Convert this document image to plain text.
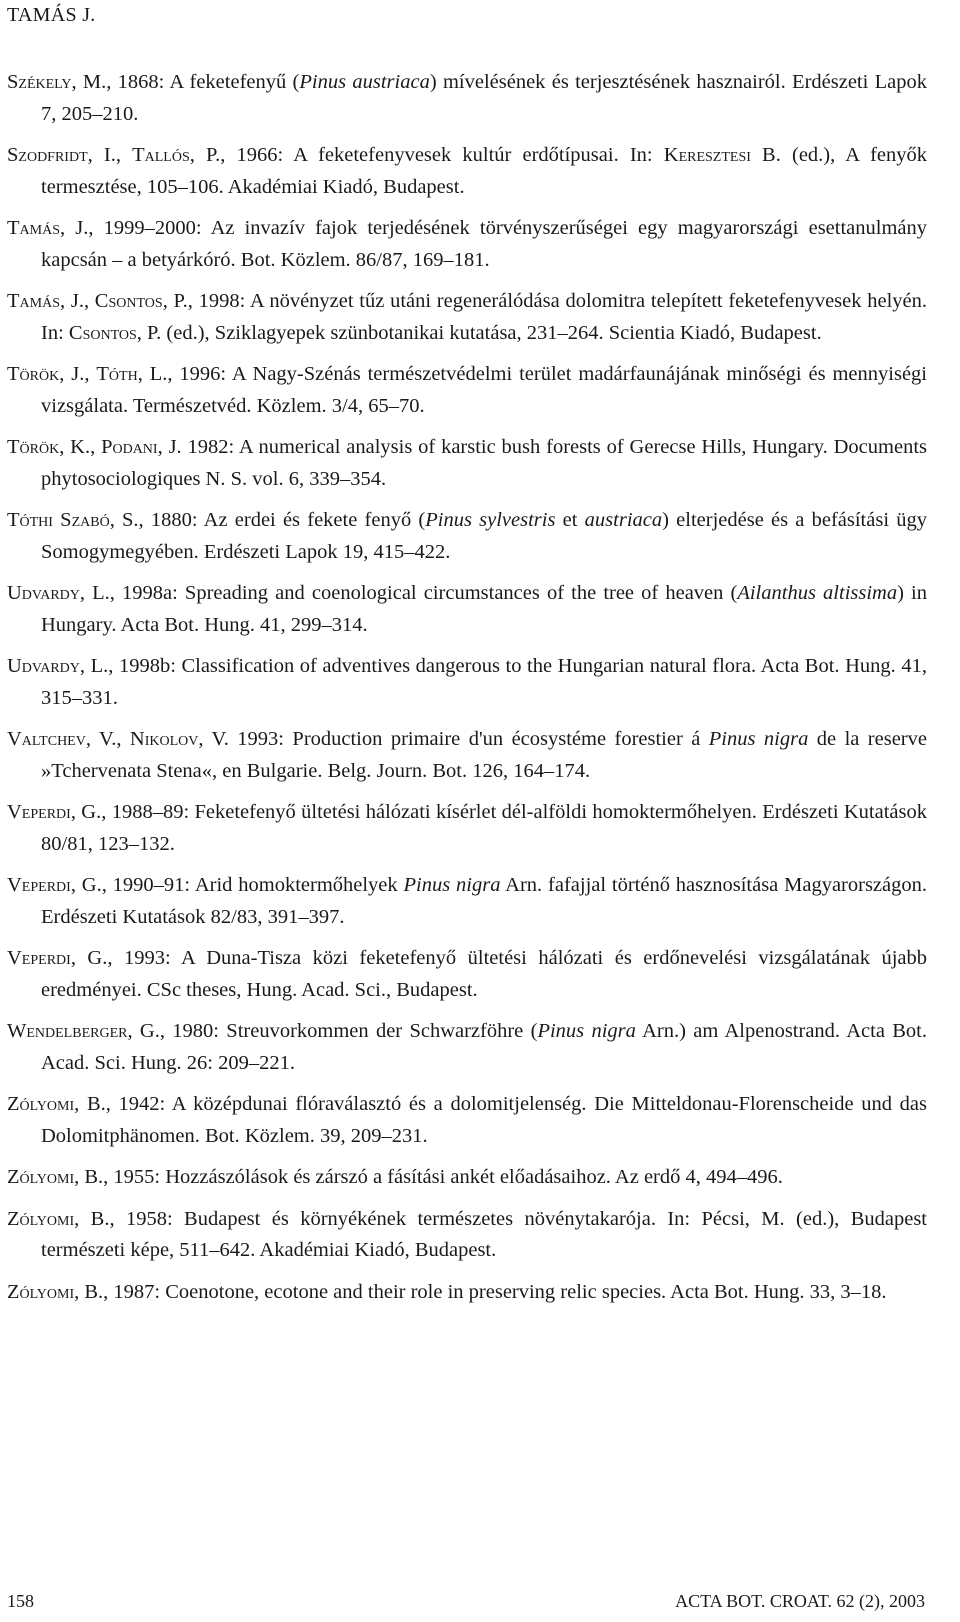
TAMÁS J.
Székely, M., 1868: A feketefenyű (Pinus austriaca) mívelésének és terjesztésének hasznairól. Erdészeti Lapok 7, 205–210.
Szodfridt, I., Tallós, P., 1966: A feketefenyvesek kultúr erdőtípusai. In: Keresztesi B. (ed.), A fenyők termesztése, 105–106. Akadémiai Kiadó, Budapest.
Tamás, J., 1999–2000: Az invazív fajok terjedésének törvényszerűségei egy magyarországi esettanulmány kapcsán – a betyárkóró. Bot. Közlem. 86/87, 169–181.
Tamás, J., Csontos, P., 1998: A növényzet tűz utáni regenerálódása dolomitra telepített feketefenyvesek helyén. In: Csontos, P. (ed.), Sziklagyepek szünbotanikai kutatása, 231–264. Scientia Kiadó, Budapest.
Török, J., Tóth, L., 1996: A Nagy-Szénás természetvédelmi terület madárfaunájának minőségi és mennyiségi vizsgálata. Természetvéd. Közlem. 3/4, 65–70.
Török, K., Podani, J. 1982: A numerical analysis of karstic bush forests of Gerecse Hills, Hungary. Documents phytosociologiques N. S. vol. 6, 339–354.
Tóthi Szabó, S., 1880: Az erdei és fekete fenyő (Pinus sylvestris et austriaca) elterjedése és a befásítási ügy Somogymegyében. Erdészeti Lapok 19, 415–422.
Udvardy, L., 1998a: Spreading and coenological circumstances of the tree of heaven (Ailanthus altissima) in Hungary. Acta Bot. Hung. 41, 299–314.
Udvardy, L., 1998b: Classification of adventives dangerous to the Hungarian natural flora. Acta Bot. Hung. 41, 315–331.
Valtchev, V., Nikolov, V. 1993: Production primaire d'un écosystéme forestier á Pinus nigra de la reserve »Tchervenata Stena«, en Bulgarie. Belg. Journ. Bot. 126, 164–174.
Veperdi, G., 1988–89: Feketefenyő ültetési hálózati kísérlet dél-alföldi homoktermőhelyen. Erdészeti Kutatások 80/81, 123–132.
Veperdi, G., 1990–91: Arid homoktermőhelyek Pinus nigra Arn. fafajjal történő hasznosítása Magyarországon. Erdészeti Kutatások 82/83, 391–397.
Veperdi, G., 1993: A Duna-Tisza közi feketefenyő ültetési hálózati és erdőnevelési vizsgálatának újabb eredményei. CSc theses, Hung. Acad. Sci., Budapest.
Wendelberger, G., 1980: Streuvorkommen der Schwarzföhre (Pinus nigra Arn.) am Alpenostrand. Acta Bot. Acad. Sci. Hung. 26: 209–221.
Zólyomi, B., 1942: A középdunai flóraválasztó és a dolomitjelenség. Die Mitteldonau-Florenscheide und das Dolomitphänomen. Bot. Közlem. 39, 209–231.
Zólyomi, B., 1955: Hozzászólások és zárszó a fásítási ankét előadásaihoz. Az erdő 4, 494–496.
Zólyomi, B., 1958: Budapest és környékének természetes növénytakarója. In: Pécsi, M. (ed.), Budapest természeti képe, 511–642. Akadémiai Kiadó, Budapest.
Zólyomi, B., 1987: Coenotone, ecotone and their role in preserving relic species. Acta Bot. Hung. 33, 3–18.
158	ACTA BOT. CROAT. 62 (2), 2003
